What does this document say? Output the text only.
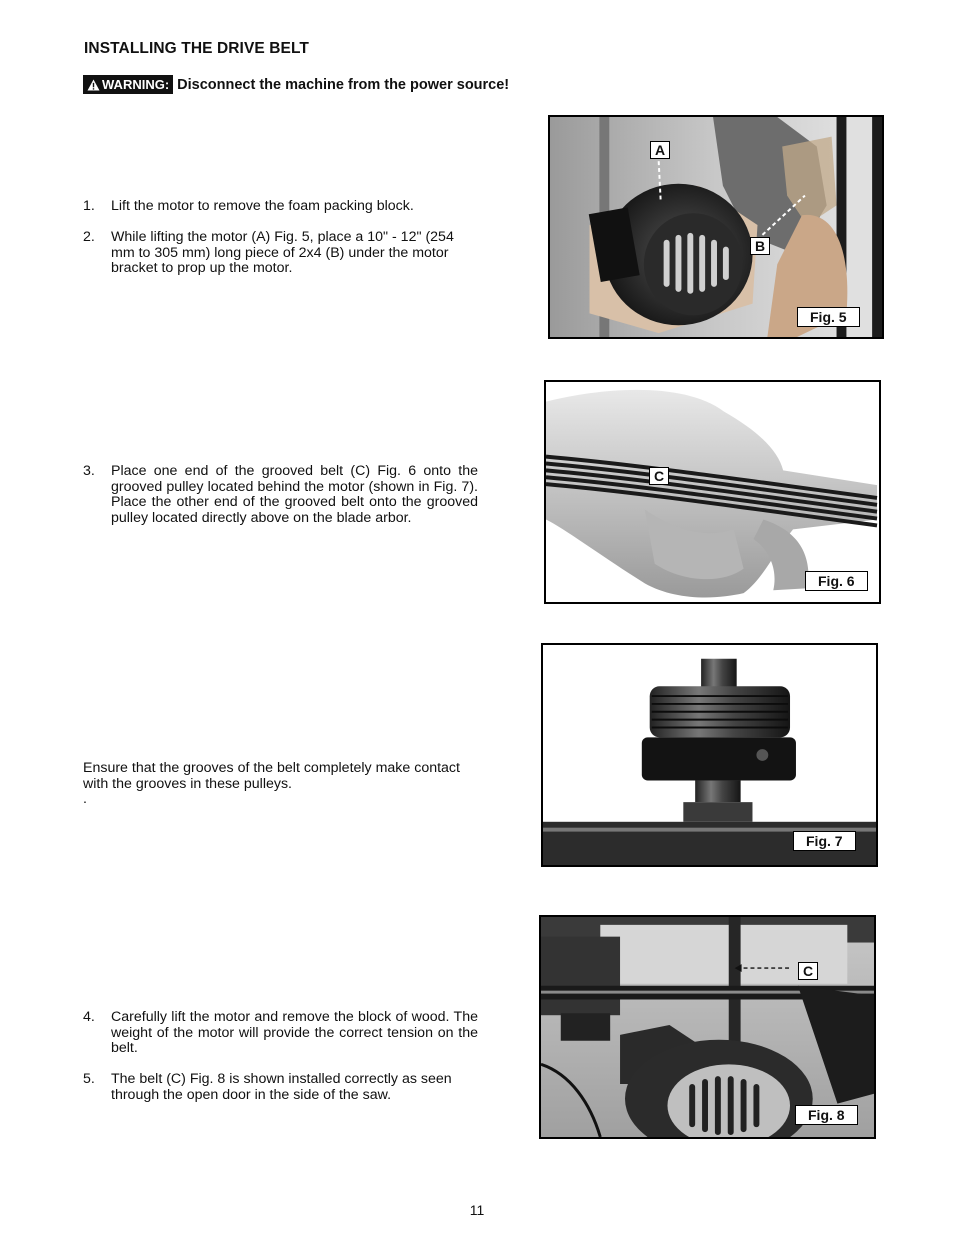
INSTALLING THE DRIVE BELT
WARNING: Disconnect the machine from the power source!
1.	Lift the motor to remove the foam packing block.
2.	While lifting the motor (A) Fig. 5, place a 10" - 12" (254 mm to 305 mm) long piece of 2x4 (B) under the motor bracket to prop up the motor.
3.	Place one end of the grooved belt (C) Fig. 6 onto the grooved pulley located behind the motor (shown in Fig. 7). Place the other end of the grooved belt onto the grooved pulley located directly above on the blade arbor.
Ensure that the grooves of the belt completely make contact with the grooves in these pulleys.
.
4.	Carefully lift the motor and remove the block of wood. The weight of the motor will provide the correct tension on the belt.
5.	The belt (C) Fig. 8 is shown installed correctly as seen through the open door in the side of the saw.
A
B
Fig. 5
C
Fig. 6
Fig. 7
C
Fig. 8
11
